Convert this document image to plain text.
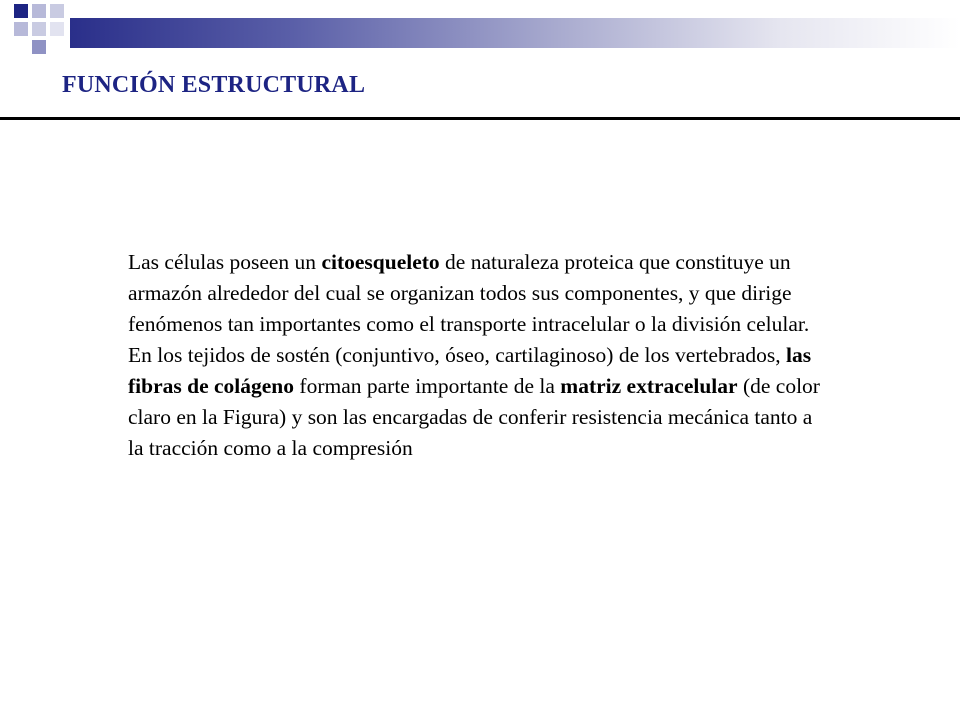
FUNCIÓN ESTRUCTURAL

Las células poseen un citoesqueleto de naturaleza proteica que constituye un armazón alrededor del cual se organizan todos sus componentes, y que dirige fenómenos tan importantes como el transporte intracelular o la división celular. En los tejidos de sostén (conjuntivo, óseo, cartilaginoso) de los vertebrados, las fibras de colágeno forman parte importante de la matriz extracelular (de color claro en la Figura) y son las encargadas de conferir resistencia mecánica tanto a la tracción como a la compresión
